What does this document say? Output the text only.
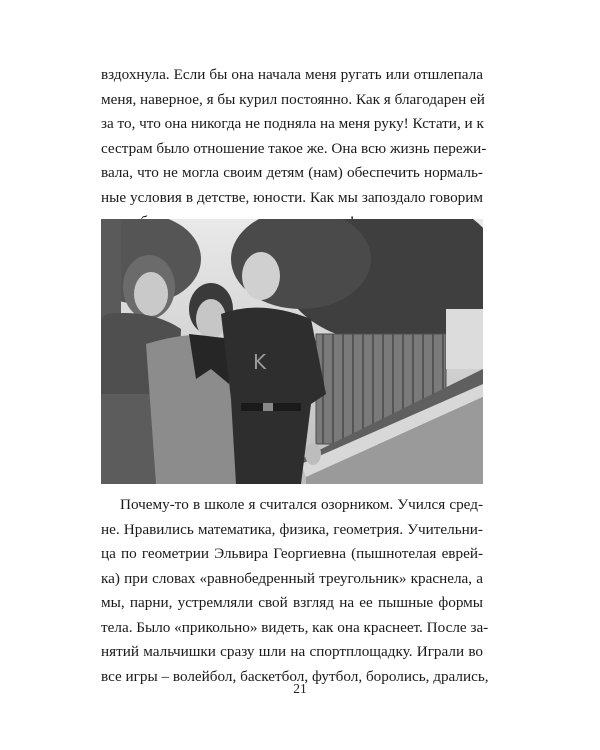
вздохнула. Если бы она начала меня ругать или отшлепала
меня, наверное, я бы курил постоянно. Как я благодарен ей
за то, что она никогда не подняла на меня руку! Кстати, и к
сестрам было отношение такое же. Она всю жизнь пережи-
вала, что не могла своим детям (нам) обеспечить нормаль-
ные условия в детстве, юности. Как мы запоздало говорим
K
Почему-то в школе я считался озорником. Учился сред-
не. Нравились математика, физика, геометрия. Учительни-
ца по геометрии Эльвира Георгиевна (пышнотелая еврей-
ка) при словах «равнобедренный треугольник» краснела, а
мы, парни, устремляли свой взгляд на ее пышные формы
тела. Было «прикольно» видеть, как она краснеет. После за-
нятий мальчишки сразу шли на спортплощадку. Играли во
все игры – волейбол, баскетбол, футбол, боролись, дрались,
21
